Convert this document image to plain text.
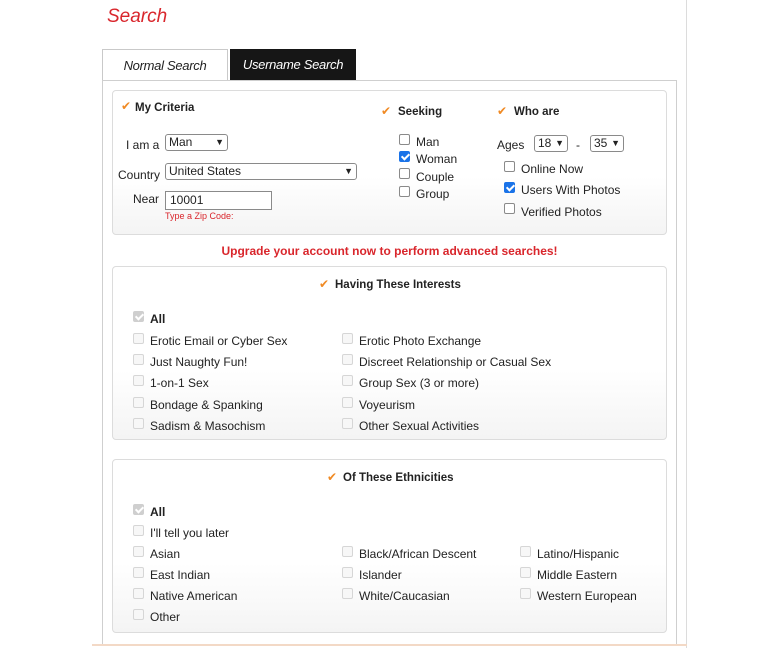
Search
Normal Search	Username Search
✔ My Criteria
I am a Man	▼
Country United States	▼
Near 10001
Type a Zip Code:
✔ Seeking
Man
Woman
Couple
Group
✔ Who are
Ages	18 ▼ -	35 ▼
Online Now
Users With Photos
Verified Photos
Upgrade your account now to perform advanced searches!
✔ Having These Interests
All
Erotic Email or Cyber Sex	Erotic Photo Exchange
Just Naughty Fun!	Discreet Relationship or Casual Sex
1-on-1 Sex	Group Sex (3 or more)
Bondage & Spanking	Voyeurism
Sadism & Masochism	Other Sexual Activities
✔ Of These Ethnicities
All
I'll tell you later
Asian	Black/African Descent	Latino/Hispanic
East Indian	Islander	Middle Eastern
Native American	White/Caucasian	Western European
Other
